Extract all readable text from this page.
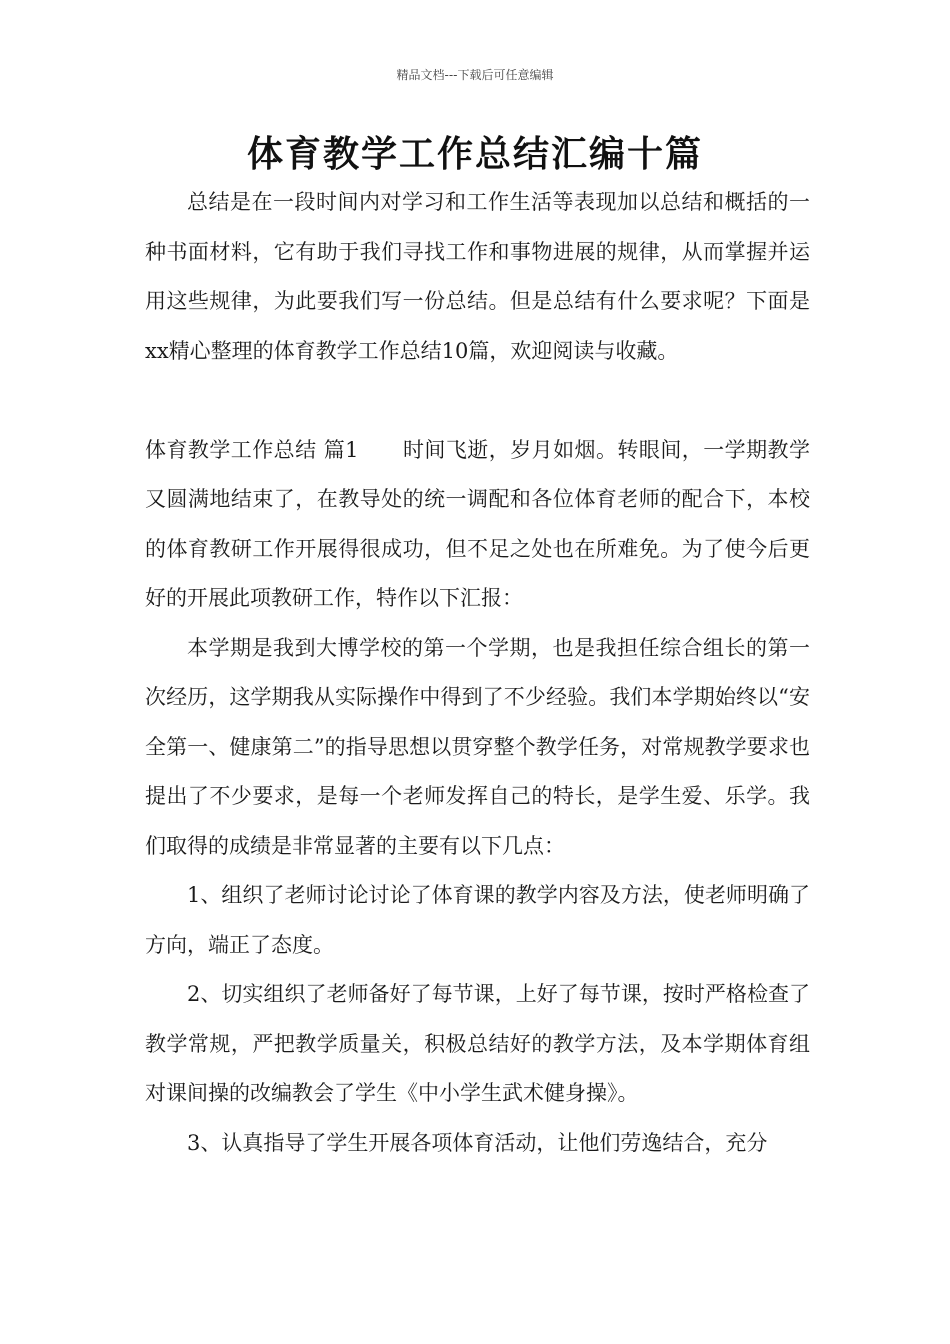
精品文档---下载后可任意编辑
体育教学工作总结汇编十篇

总结是在一段时间内对学习和工作生活等表现加以总结和概括的一种书面材料，它有助于我们寻找工作和事物进展的规律，从而掌握并运用这些规律，为此要我们写一份总结。但是总结有什么要求呢？下面是xx精心整理的体育教学工作总结10篇，欢迎阅读与收藏。

体育教学工作总结 篇1 时间飞逝，岁月如烟。转眼间，一学期教学又圆满地结束了，在教导处的统一调配和各位体育老师的配合下，本校的体育教研工作开展得很成功，但不足之处也在所难免。为了使今后更好的开展此项教研工作，特作以下汇报：

本学期是我到大博学校的第一个学期，也是我担任综合组长的第一次经历，这学期我从实际操作中得到了不少经验。我们本学期始终以“安全第一、健康第二”的指导思想以贯穿整个教学任务，对常规教学要求也提出了不少要求，是每一个老师发挥自己的特长，是学生爱、乐学。我们取得的成绩是非常显著的主要有以下几点：

1、组织了老师讨论讨论了体育课的教学内容及方法，使老师明确了方向，端正了态度。

2、切实组织了老师备好了每节课，上好了每节课，按时严格检查了教学常规，严把教学质量关，积极总结好的教学方法，及本学期体育组对课间操的改编教会了学生《中小学生武术健身操》。

3、认真指导了学生开展各项体育活动，让他们劳逸结合，充分
